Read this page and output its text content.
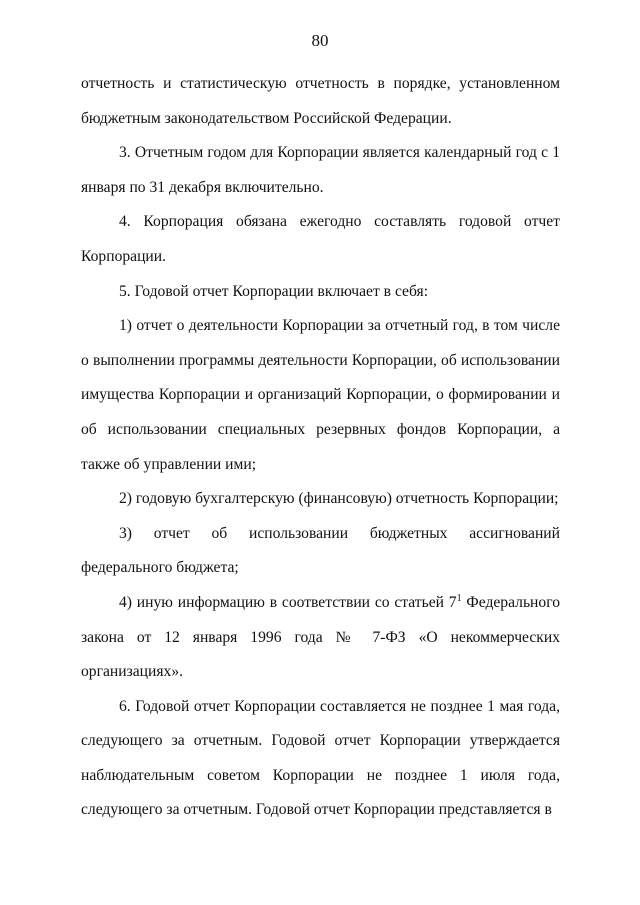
80

отчетность и статистическую отчетность в порядке, установленном бюджетным законодательством Российской Федерации.

3. Отчетным годом для Корпорации является календарный год с 1 января по 31 декабря включительно.

4. Корпорация обязана ежегодно составлять годовой отчет Корпорации.

5. Годовой отчет Корпорации включает в себя:

1) отчет о деятельности Корпорации за отчетный год, в том числе о выполнении программы деятельности Корпорации, об использовании имущества Корпорации и организаций Корпорации, о формировании и об использовании специальных резервных фондов Корпорации, а также об управлении ими;

2) годовую бухгалтерскую (финансовую) отчетность Корпорации;

3) отчет об использовании бюджетных ассигнований федерального бюджета;

4) иную информацию в соответствии со статьей $7^1$ Федерального закона от 12 января 1996 года № 7-ФЗ «О некоммерческих организациях».

6. Годовой отчет Корпорации составляется не позднее 1 мая года, следующего за отчетным. Годовой отчет Корпорации утверждается наблюдательным советом Корпорации не позднее 1 июля года, следующего за отчетным. Годовой отчет Корпорации представляется в
